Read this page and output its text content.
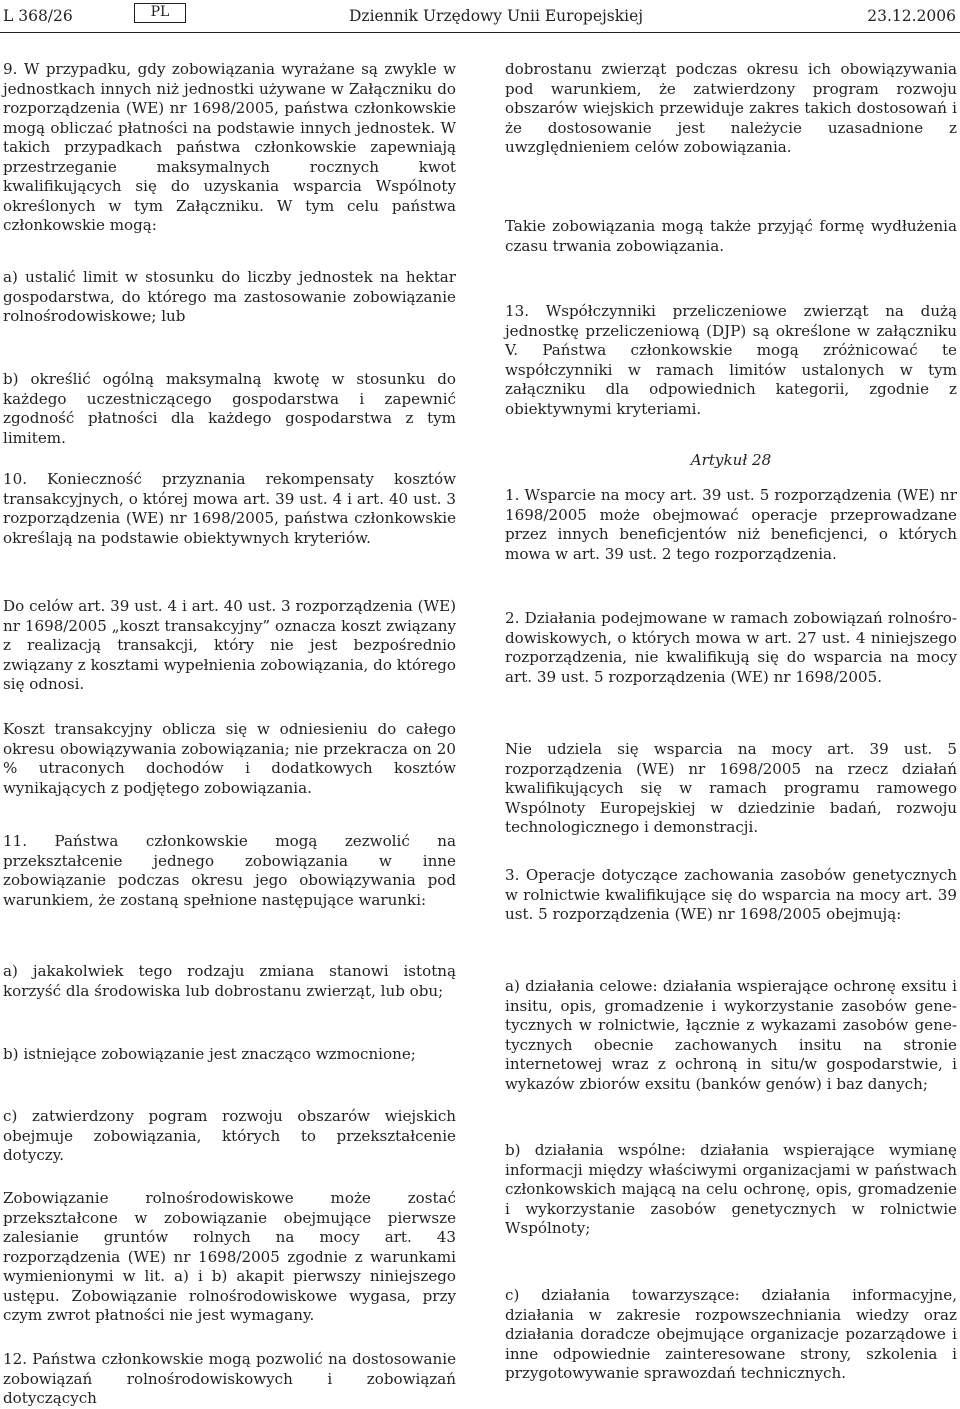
L 368/26	PL	Dziennik Urzędowy Unii Europejskiej	23.12.2006

9. W przypadku, gdy zobowiązania wyrażane są zwykle w jednostkach innych niż jednostki używane w Załączniku do rozporządzenia (WE) nr 1698/2005, państwa członkowskie mogą obliczać płatności na podstawie innych jednostek. W takich przypadkach państwa członkowskie zapewniają przestrzeganie maksymalnych rocznych kwot kwalifikujących się do uzyskania wsparcia Wspólnoty określonych w tym Załączniku. W tym celu państwa członkowskie mogą:

a) ustalić limit w stosunku do liczby jednostek na hektar gospodarstwa, do którego ma zastosowanie zobowiązanie rolnośrodowiskowe; lub

b) określić ogólną maksymalną kwotę w stosunku do każdego uczestniczącego gospodarstwa i zapewnić zgodność płatności dla każdego gospodarstwa z tym limitem.

10. Konieczność przyznania rekompensaty kosztów transakcyjnych, o której mowa art. 39 ust. 4 i art. 40 ust. 3 rozporządzenia (WE) nr 1698/2005, państwa członkowskie określają na podstawie obiektywnych kryteriów.

Do celów art. 39 ust. 4 i art. 40 ust. 3 rozporządzenia (WE) nr 1698/2005 „koszt transakcyjny” oznacza koszt związany z realizacją transakcji, który nie jest bezpośrednio związany z kosztami wypełnienia zobowiązania, do którego się odnosi.

Koszt transakcyjny oblicza się w odniesieniu do całego okresu obowiązywania zobowiązania; nie przekracza on 20 % utraconych dochodów i dodatkowych kosztów wynikających z podjętego zobowiązania.

11. Państwa członkowskie mogą zezwolić na przekształcenie jednego zobowiązania w inne zobowiązanie podczas okresu jego obowiązywania pod warunkiem, że zostaną spełnione następujące warunki:

a) jakakolwiek tego rodzaju zmiana stanowi istotną korzyść dla środowiska lub dobrostanu zwierząt, lub obu;

b) istniejące zobowiązanie jest znacząco wzmocnione;

c) zatwierdzony pogram rozwoju obszarów wiejskich obejmuje zobowiązania, których to przekształcenie dotyczy.

Zobowiązanie rolnośrodowiskowe może zostać przekształcone w zobowiązanie obejmujące pierwsze zalesianie gruntów rolnych na mocy art. 43 rozporządzenia (WE) nr 1698/2005 zgodnie z warunkami wymienionymi w lit. a) i b) akapit pierwszy niniejszego ustępu. Zobowiązanie rolnośrodowiskowe wygasa, przy czym zwrot płatności nie jest wymagany.

12. Państwa członkowskie mogą pozwolić na dostosowanie zobowiązań rolnośrodowiskowych i zobowiązań dotyczących

dobrostanu zwierząt podczas okresu ich obowiązywania pod warunkiem, że zatwierdzony program rozwoju obszarów wiejskich przewiduje zakres takich dostosowań i że dostosowanie jest należycie uzasadnione z uwzględnieniem celów zobowiązania.

Takie zobowiązania mogą także przyjąć formę wydłużenia czasu trwania zobowiązania.

13. Współczynniki przeliczeniowe zwierząt na dużą jednostkę przeliczeniową (DJP) są określone w załączniku V. Państwa członkowskie mogą zróżnicować te współczynniki w ramach limitów ustalonych w tym załączniku dla odpowiednich kategorii, zgodnie z obiektywnymi kryteriami.

Artykuł 28

1. Wsparcie na mocy art. 39 ust. 5 rozporządzenia (WE) nr 1698/2005 może obejmować operacje przeprowadzane przez innych beneficjentów niż beneficjenci, o których mowa w art. 39 ust. 2 tego rozporządzenia.

2. Działania podejmowane w ramach zobowiązań rolnośrodowiskowych, o których mowa w art. 27 ust. 4 niniejszego rozporządzenia, nie kwalifikują się do wsparcia na mocy art. 39 ust. 5 rozporządzenia (WE) nr 1698/2005.

Nie udziela się wsparcia na mocy art. 39 ust. 5 rozporządzenia (WE) nr 1698/2005 na rzecz działań kwalifikujących się w ramach programu ramowego Wspólnoty Europejskiej w dziedzinie badań, rozwoju technologicznego i demonstracji.

3. Operacje dotyczące zachowania zasobów genetycznych w rolnictwie kwalifikujące się do wsparcia na mocy art. 39 ust. 5 rozporządzenia (WE) nr 1698/2005 obejmują:

a) działania celowe: działania wspierające ochronę exsitu i insitu, opis, gromadzenie i wykorzystanie zasobów genetycznych w rolnictwie, łącznie z wykazami zasobów genetycznych obecnie zachowanych insitu na stronie internetowej wraz z ochroną in situ/w gospodarstwie, i wykazów zbiorów exsitu (banków genów) i baz danych;

b) działania wspólne: działania wspierające wymianę informacji między właściwymi organizacjami w państwach członkowskich mającą na celu ochronę, opis, gromadzenie i wykorzystanie zasobów genetycznych w rolnictwie Wspólnoty;

c) działania towarzyszące: działania informacyjne, działania w zakresie rozpowszechniania wiedzy oraz działania doradcze obejmujące organizacje pozarządowe i inne odpowiednie zainteresowane strony, szkolenia i przygotowywanie sprawozdań technicznych.
